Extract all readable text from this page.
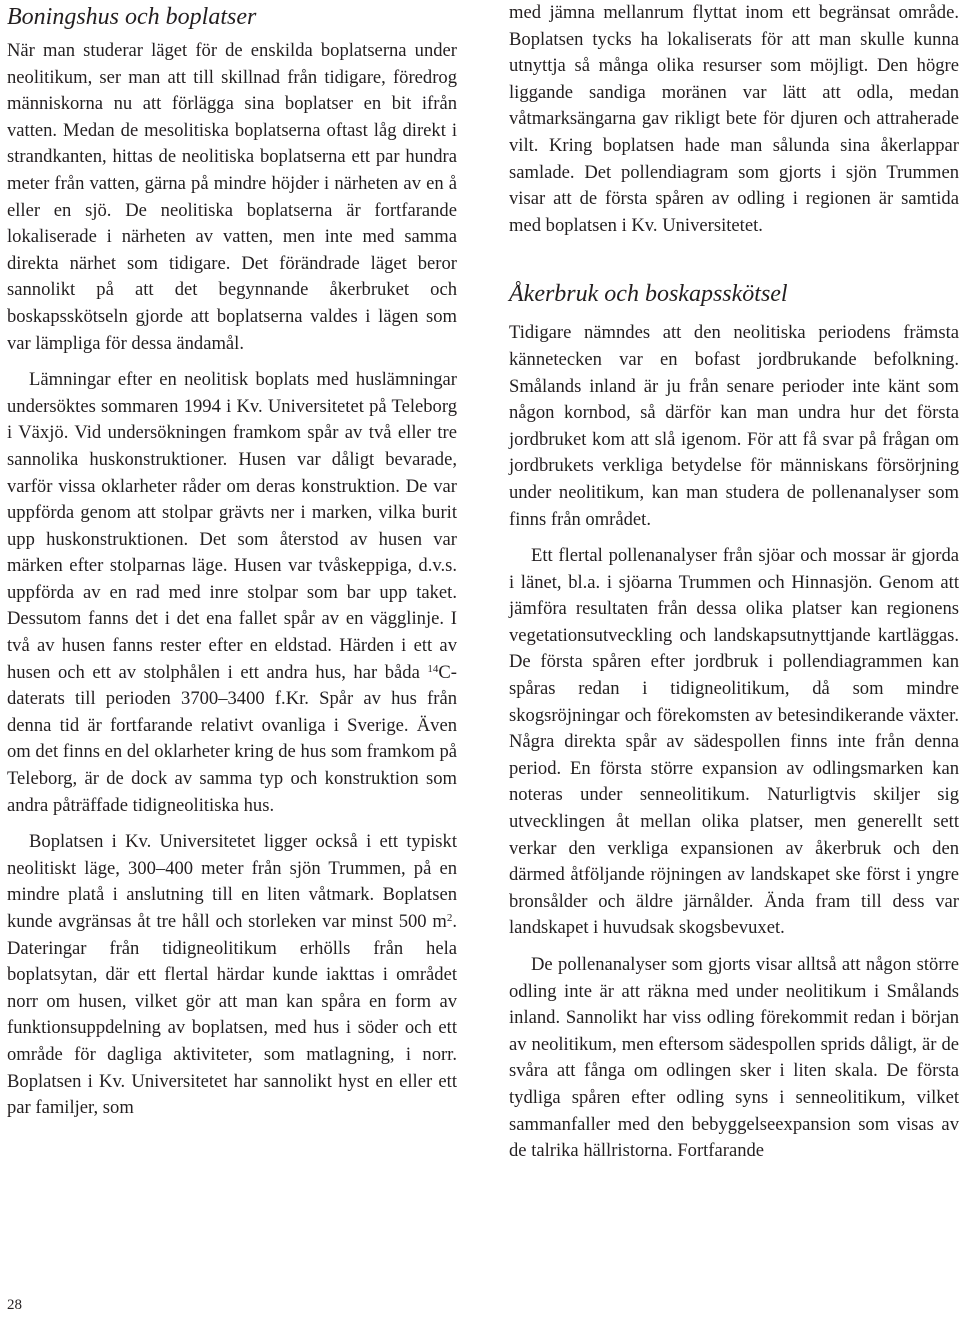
Boningshus och boplatser

När man studerar läget för de enskilda boplatserna under neolitikum, ser man att till skillnad från tidigare, föredrog människorna nu att förlägga sina boplatser en bit ifrån vatten. Medan de mesolitiska boplatserna oftast låg direkt i strandkanten, hittas de neolitiska boplatserna ett par hundra meter från vatten, gärna på mindre höjder i närheten av en å eller en sjö. De neolitiska boplatserna är fortfarande lokaliserade i närheten av vatten, men inte med samma direkta närhet som tidigare. Det förändrade läget beror sannolikt på att det begynnande åkerbruket och boskapsskötseln gjorde att boplatserna valdes i lägen som var lämpliga för dessa ändamål.

Lämningar efter en neolitisk boplats med huslämningar undersöktes sommaren 1994 i Kv. Universitetet på Teleborg i Växjö. Vid undersökningen framkom spår av två eller tre sannolika huskonstruktioner. Husen var dåligt bevarade, varför vissa oklarheter råder om deras konstruktion. De var uppförda genom att stolpar grävts ner i marken, vilka burit upp huskonstruktionen. Det som återstod av husen var märken efter stolparnas läge. Husen var tvåskeppiga, d.v.s. uppförda av en rad med inre stolpar som bar upp taket. Dessutom fanns det i det ena fallet spår av en vägglinje. I två av husen fanns rester efter en eldstad. Härden i ett av husen och ett av stolphålen i ett andra hus, har båda $^{14}$C-daterats till perioden 3700–3400 f.Kr. Spår av hus från denna tid är fortfarande relativt ovanliga i Sverige. Även om det finns en del oklarheter kring de hus som framkom på Teleborg, är de dock av samma typ och konstruktion som andra påträffade tidigneolitiska hus.

Boplatsen i Kv. Universitetet ligger också i ett typiskt neolitiskt läge, 300–400 meter från sjön Trummen, på en mindre platå i anslutning till en liten våtmark. Boplatsen kunde avgränsas åt tre håll och storleken var minst 500 $m^2$. Dateringar från tidigneolitikum erhölls från hela boplatsytan, där ett flertal härdar kunde iakttas i området norr om husen, vilket gör att man kan spåra en form av funktionsuppdelning av boplatsen, med hus i söder och ett område för dagliga aktiviteter, som matlagning, i norr. Boplatsen i Kv. Universitetet har sannolikt hyst en eller ett par familjer, som

med jämna mellanrum flyttat inom ett begränsat område. Boplatsen tycks ha lokaliserats för att man skulle kunna utnyttja så många olika resurser som möjligt. Den högre liggande sandiga moränen var lätt att odla, medan våtmarksängarna gav rikligt bete för djuren och attraherade vilt. Kring boplatsen hade man sålunda sina åkerlappar samlade. Det pollendiagram som gjorts i sjön Trummen visar att de första spåren av odling i regionen är samtida med boplatsen i Kv. Universitetet.

Åkerbruk och boskapsskötsel

Tidigare nämndes att den neolitiska periodens främsta kännetecken var en bofast jordbrukande befolkning. Smålands inland är ju från senare perioder inte känt som någon kornbod, så därför kan man undra hur det första jordbruket kom att slå igenom. För att få svar på frågan om jordbrukets verkliga betydelse för människans försörjning under neolitikum, kan man studera de pollenanalyser som finns från området.

Ett flertal pollenanalyser från sjöar och mossar är gjorda i länet, bl.a. i sjöarna Trummen och Hinnasjön. Genom att jämföra resultaten från dessa olika platser kan regionens vegetationsutveckling och landskapsutnyttjande kartläggas. De första spåren efter jordbruk i pollendiagrammen kan spåras redan i tidigneolitikum, då som mindre skogsröjningar och förekomsten av betesindikerande växter. Några direkta spår av sädespollen finns inte från denna period. En första större expansion av odlingsmarken kan noteras under senneolitikum. Naturligtvis skiljer sig utvecklingen åt mellan olika platser, men generellt sett verkar den verkliga expansionen av åkerbruk och den därmed åtföljande röjningen av landskapet ske först i yngre bronsålder och äldre järnålder. Ända fram till dess var landskapet i huvudsak skogsbevuxet.

De pollenanalyser som gjorts visar alltså att någon större odling inte är att räkna med under neolitikum i Smålands inland. Sannolikt har viss odling förekommit redan i början av neolitikum, men eftersom sädespollen sprids dåligt, är de svåra att fånga om odlingen sker i liten skala. De första tydliga spåren efter odling syns i senneolitikum, vilket sammanfaller med den bebyggelseexpansion som visas av de talrika hällristorna. Fortfarande

28
